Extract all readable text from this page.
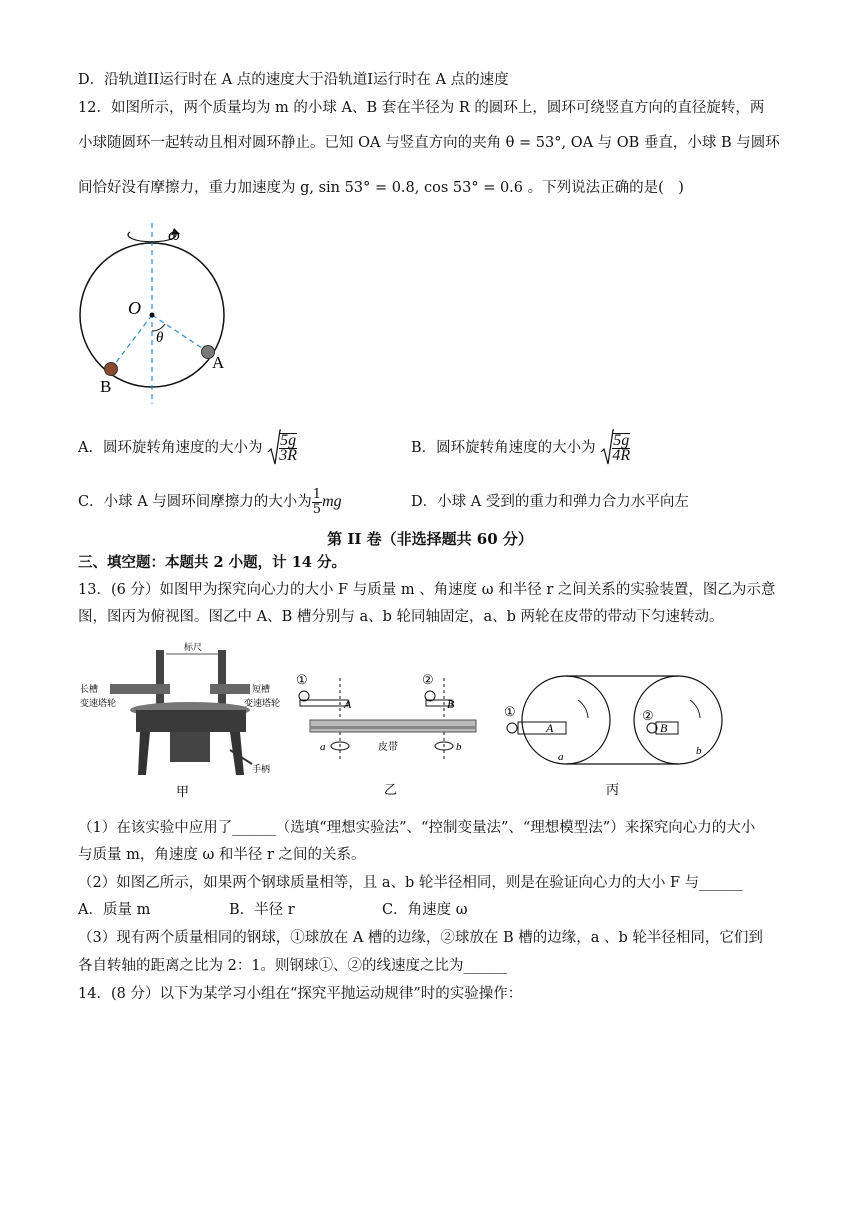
D．沿轨道II运行时在 A 点的速度大于沿轨道I运行时在 A 点的速度
12．如图所示，两个质量均为 m 的小球 A、B 套在半径为 R 的圆环上，圆环可绕竖直方向的直径旋转，两
小球随圆环一起转动且相对圆环静止。已知 OA 与竖直方向的夹角 θ = 53°, OA 与 OB 垂直，小球 B 与圆环
间恰好没有摩擦力，重力加速度为 g, sin 53° = 0.8, cos 53° = 0.6 。下列说法正确的是(　)
ω
O
θ
A
B
A．圆环旋转角速度的大小为 $\frac{5g}{3R}$	B．圆环旋转角速度的大小为 $\frac{5g}{4R}$
C．小球 A 与圆环间摩擦力的大小为 $\frac{1}{5}$ mg	D．小球 A 受到的重力和弹力合力水平向左
第 II 卷（非选择题共 60 分）
三、填空题：本题共 2 小题，计 14 分。
13．(6 分）如图甲为探究向心力的大小 F 与质量 m 、角速度 ω 和半径 r 之间关系的实验装置，图乙为示意
图，图丙为俯视图。图乙中 A、B 槽分别与 a、b 轮同轴固定，a、b 两轮在皮带的带动下匀速转动。
标尺
长槽
变速塔轮
短槽
变速塔轮
手柄
甲
①
A
②
B
a	皮带	b
乙
①
A
②
B
a	b
丙
（1）在该实验中应用了______（选填“理想实验法”、“控制变量法”、“理想模型法”）来探究向心力的大小
与质量 m，角速度 ω 和半径 r 之间的关系。
（2）如图乙所示，如果两个钢球质量相等，且 a、b 轮半径相同，则是在验证向心力的大小 F 与______
A．质量 m	B．半径 r	C．角速度 ω
（3）现有两个质量相同的钢球，①球放在 A 槽的边缘，②球放在 B 槽的边缘，a 、b 轮半径相同，它们到
各自转轴的距离之比为 2：1。则钢球①、②的线速度之比为______
14．(8 分）以下为某学习小组在“探究平抛运动规律”时的实验操作：
